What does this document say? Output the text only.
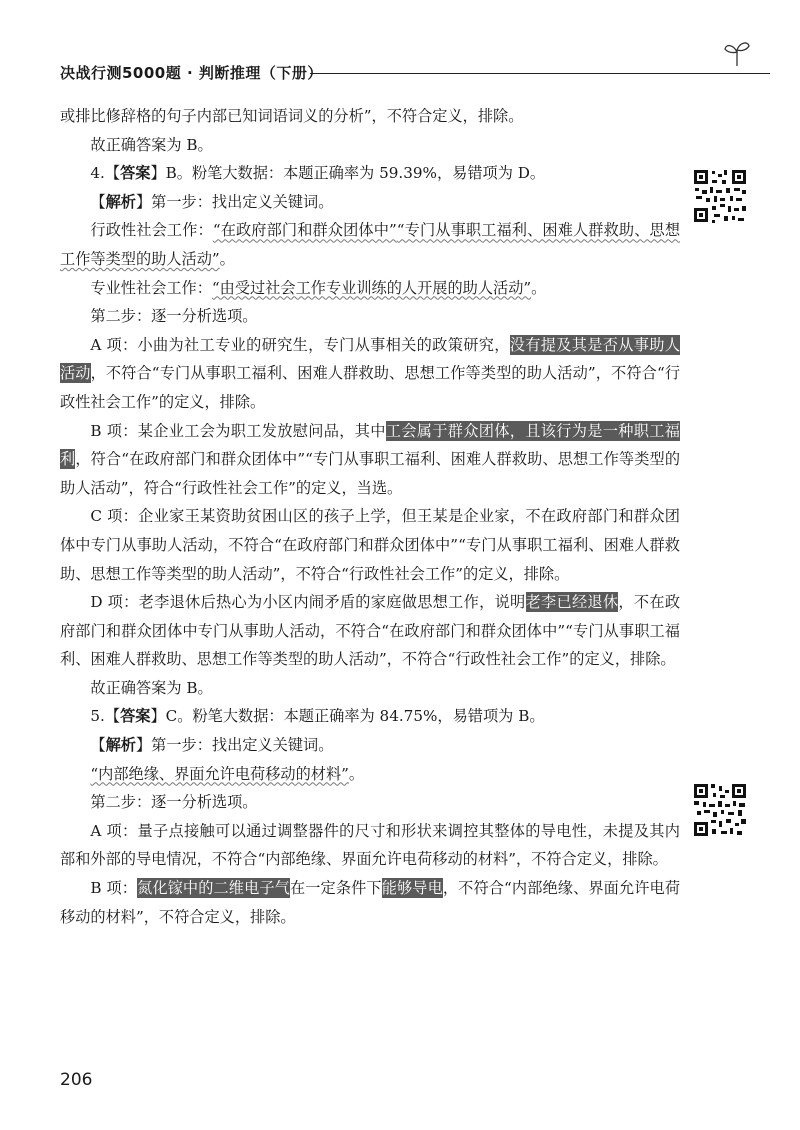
决战行测5000题 · 判断推理（下册）

或排比修辞格的句子内部已知词语词义的分析”，不符合定义，排除。

故正确答案为 B。

4.【答案】B。粉笔大数据：本题正确率为 59.39%，易错项为 D。

【解析】第一步：找出定义关键词。

行政性社会工作：“在政府部门和群众团体中”“专门从事职工福利、困难人群救助、思想工作等类型的助人活动”。

专业性社会工作：“由受过社会工作专业训练的人开展的助人活动”。

第二步：逐一分析选项。

A 项：小曲为社工专业的研究生，专门从事相关的政策研究，没有提及其是否从事助人活动，不符合“专门从事职工福利、困难人群救助、思想工作等类型的助人活动”，不符合“行政性社会工作”的定义，排除。

B 项：某企业工会为职工发放慰问品，其中工会属于群众团体，且该行为是一种职工福利，符合“在政府部门和群众团体中”“专门从事职工福利、困难人群救助、思想工作等类型的助人活动”，符合“行政性社会工作”的定义，当选。

C 项：企业家王某资助贫困山区的孩子上学，但王某是企业家，不在政府部门和群众团体中专门从事助人活动，不符合“在政府部门和群众团体中”“专门从事职工福利、困难人群救助、思想工作等类型的助人活动”，不符合“行政性社会工作”的定义，排除。

D 项：老李退休后热心为小区内闹矛盾的家庭做思想工作，说明老李已经退休，不在政府部门和群众团体中专门从事助人活动，不符合“在政府部门和群众团体中”“专门从事职工福利、困难人群救助、思想工作等类型的助人活动”，不符合“行政性社会工作”的定义，排除。

故正确答案为 B。

5.【答案】C。粉笔大数据：本题正确率为 84.75%，易错项为 B。

【解析】第一步：找出定义关键词。

“内部绝缘、界面允许电荷移动的材料”。

第二步：逐一分析选项。

A 项：量子点接触可以通过调整器件的尺寸和形状来调控其整体的导电性，未提及其内部和外部的导电情况，不符合“内部绝缘、界面允许电荷移动的材料”，不符合定义，排除。

B 项：氮化镓中的二维电子气在一定条件下能够导电，不符合“内部绝缘、界面允许电荷移动的材料”，不符合定义，排除。

206
